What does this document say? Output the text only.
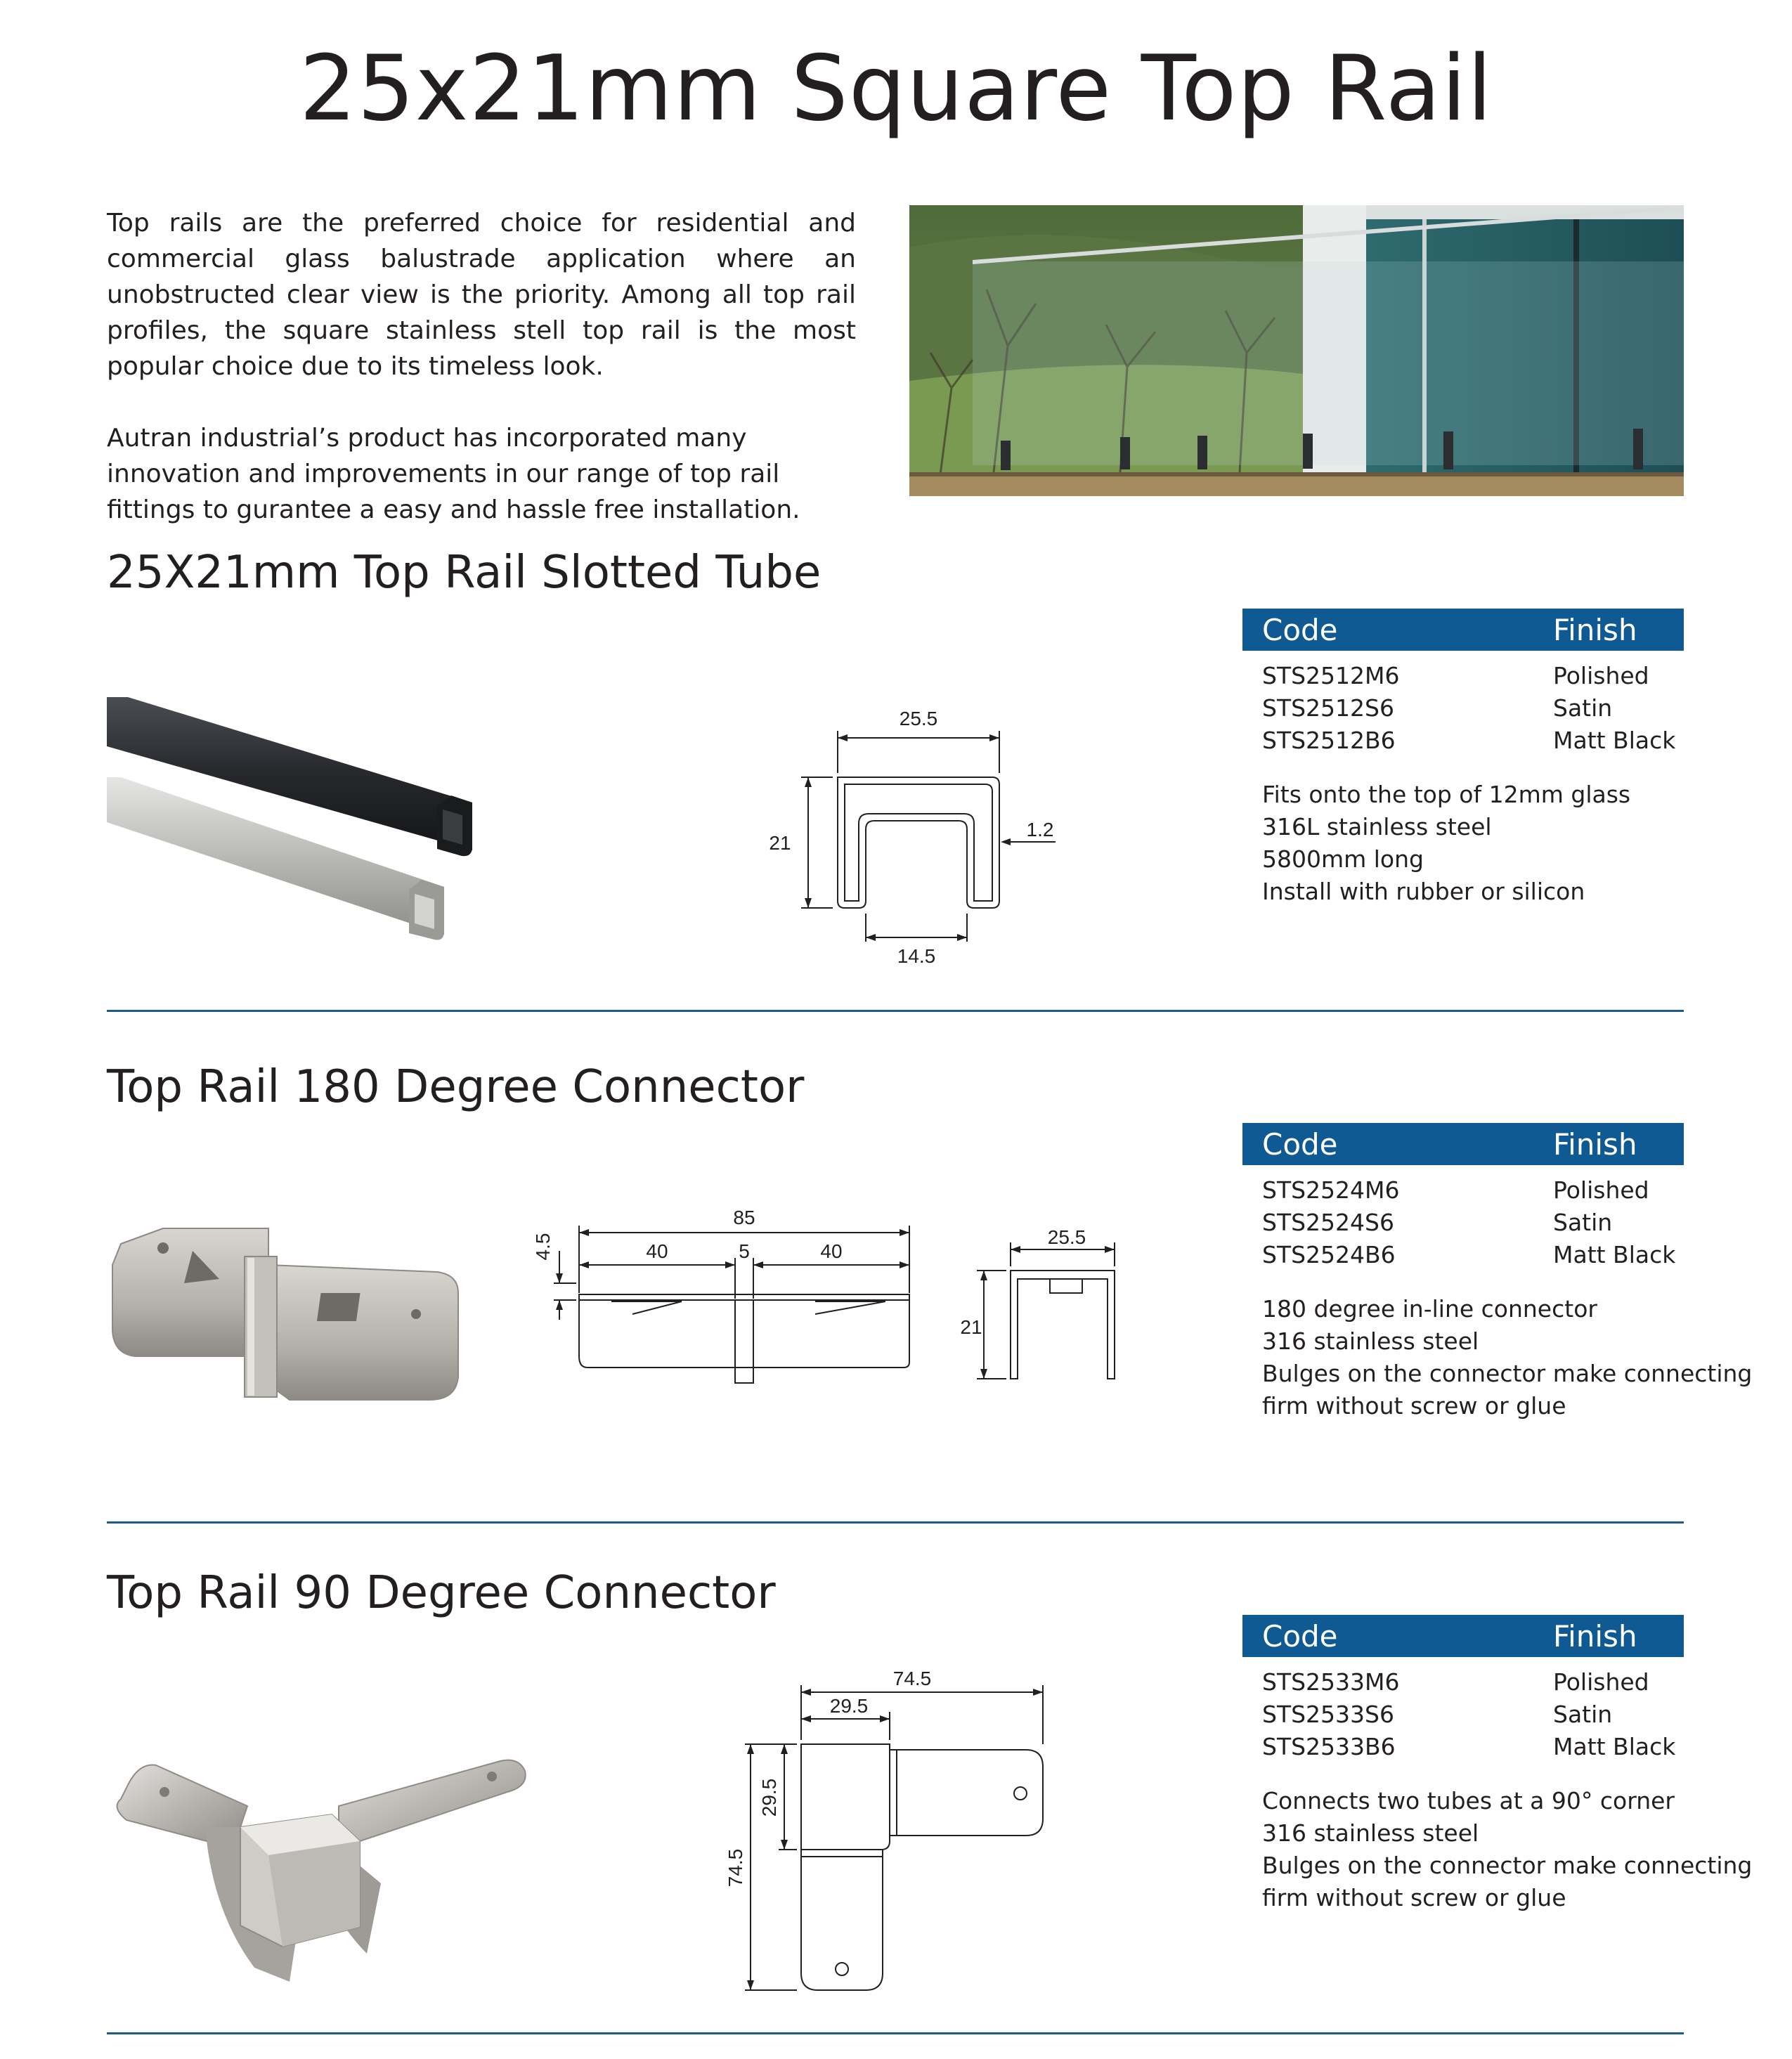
25x21mm Square Top Rail

Top rails are the preferred choice for residential and commercial glass balustrade application where an unobstructed clear view is the priority. Among all top rail profiles, the square stainless stell top rail is the most popular choice due to its timeless look.

Autran industrial’s product has incorporated many innovation and improvements in our range of top rail fittings to gurantee a easy and hassle free installation.

25X21mm Top Rail Slotted Tube
25.5
21
1.2
14.5
Code	Finish
STS2512M6	Polished
STS2512S6	Satin
STS2512B6	Matt Black
Fits onto the top of 12mm glass
316L stainless steel
5800mm long
Install with rubber or silicon
Top Rail 180 Degree Connector
85
40	5	40
4.5	25.5
21
Code	Finish
STS2524M6	Polished
STS2524S6	Satin
STS2524B6	Matt Black
180 degree in-line connector
316 stainless steel
Bulges on the connector make connecting
firm without screw or glue
Top Rail 90 Degree Connector
74.5
29.5
29.5
74.5
Code	Finish
STS2533M6	Polished
STS2533S6	Satin
STS2533B6	Matt Black
Connects two tubes at a 90° corner
316 stainless steel
Bulges on the connector make connecting
firm without screw or glue
